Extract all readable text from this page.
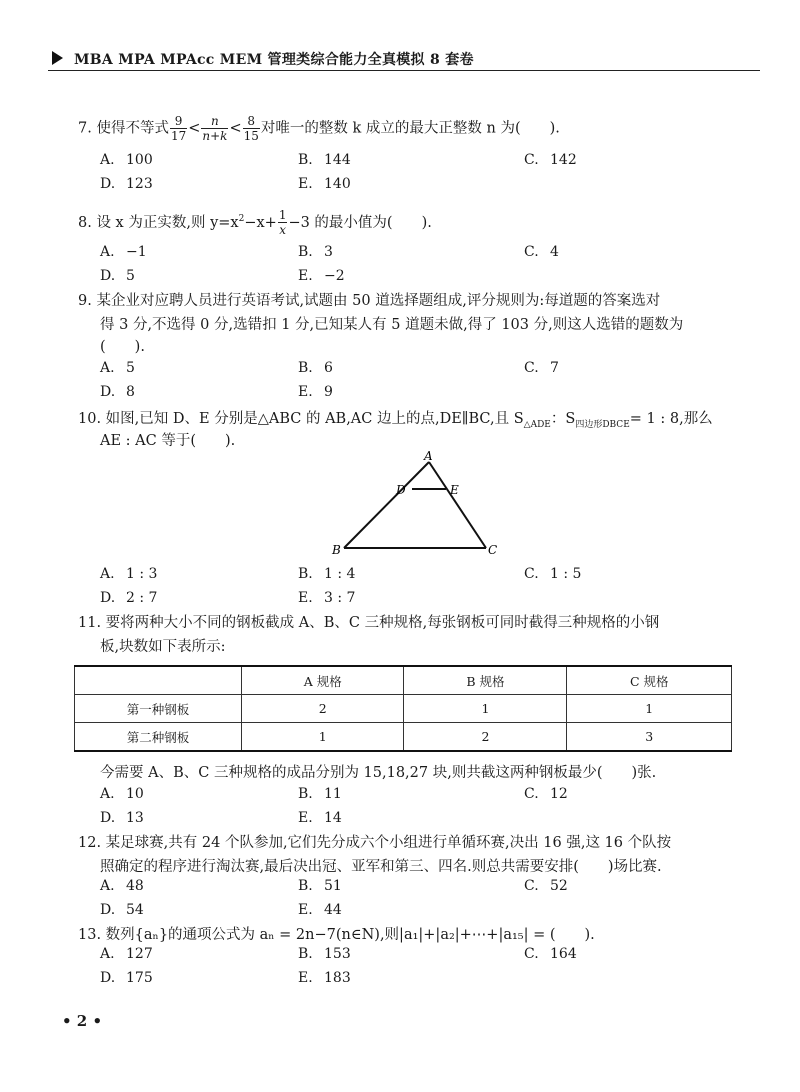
MBA MPA MPAcc MEM 管理类综合能力全真模拟 8 套卷
7. 使得不等式 $\frac{9}{17} < \frac{n}{n+k} < \frac{8}{15}$ 对唯一的整数 k 成立的最大正整数 n 为(　　).
A. 100	B. 144	C. 142
D. 123	E. 140
8. 设 x 为正实数,则 $y=x^2-x+ \frac{1}{x} -3$ 的最小值为(　　).
A. −1	B. 3	C. 4
D. 5	E. −2
9. 某企业对应聘人员进行英语考试,试题由 50 道选择题组成,评分规则为:每道题的答案选对
得 3 分,不选得 0 分,选错扣 1 分,已知某人有 5 道题未做,得了 103 分,则这人选错的题数为
(　　).
A. 5	B. 6	C. 7
D. 8	E. 9
10. 如图,已知 D、E 分别是△ABC 的 AB,AC 边上的点,DE∥BC,且 $S_{\triangle ADE}$：$S_{四边形DBCE}= 1$ : 8,那么
AE : AC 等于(　　).
A
D	E
B	C
A. 1 : 3	B. 1 : 4	C. 1 : 5
D. 2 : 7	E. 3 : 7
11. 要将两种大小不同的钢板截成 A、B、C 三种规格,每张钢板可同时截得三种规格的小钢
板,块数如下表所示:
	A 规格	B 规格	C 规格
第一种钢板	2	1	1
第二种钢板	1	2	3
今需要 A、B、C 三种规格的成品分别为 15,18,27 块,则共截这两种钢板最少(　　)张.
A. 10	B. 11	C. 12
D. 13	E. 14
12. 某足球赛,共有 24 个队参加,它们先分成六个小组进行单循环赛,决出 16 强,这 16 个队按
照确定的程序进行淘汰赛,最后决出冠、亚军和第三、四名.则总共需要安排(　　)场比赛.
A. 48	B. 51	C. 52
D. 54	E. 44
13. 数列{aₙ}的通项公式为 aₙ = 2n−7(n∈N),则|a₁|+|a₂|+⋯+|a₁₅| = (　　).
A. 127	B. 153	C. 164
D. 175	E. 183
• 2 •
